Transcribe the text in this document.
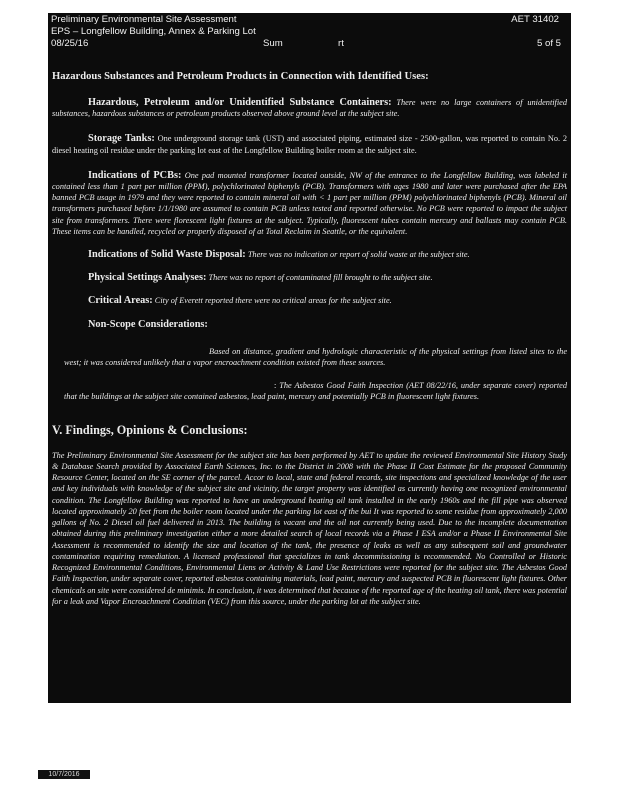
Preliminary Environmental Site Assessment	AET 31402
EPS – Longfellow Building, Annex & Parking Lot
08/25/16	Sum	rt	5 of 5

Hazardous Substances and Petroleum Products in Connection with Identified Uses:

Hazardous, Petroleum and/or Unidentified Substance Containers: There were no large containers of unidentified substances, hazardous substances or petroleum products observed above ground level at the subject site.

Storage Tanks: One underground storage tank (UST) and associated piping, estimated size - 2500-gallon, was reported to contain No. 2 diesel heating oil residue under the parking lot east of the Longfellow Building boiler room at the subject site.

Indications of PCBs: One pad mounted transformer located outside, NW of the entrance to the Longfellow Building, was labeled it contained less than 1 part per million (PPM), polychlorinated biphenyls (PCB). Transformers with ages 1980 and later were purchased after the EPA banned PCB usage in 1979 and they were reported to contain mineral oil with < 1 part per million (PPM) polychlorinated biphenyls (PCB). Mineral oil transformers purchased before 1/1/1980 are assumed to contain PCB unless tested and reported otherwise. No PCB were reported to impact the subject site from transformers. There were florescent light fixtures at the subject. Typically, fluorescent tubes contain mercury and ballasts may contain PCB. These items can be handled, recycled or properly disposed of at Total Reclaim in Seattle, or the equivalent.

Indications of Solid Waste Disposal: There was no indication or report of solid waste at the subject site.

Physical Settings Analyses: There was no report of contaminated fill brought to the subject site.

Critical Areas: City of Everett reported there were no critical areas for the subject site.

Non-Scope Considerations:

Based on distance, gradient and hydrologic characteristic of the physical settings from listed sites to the west; it was considered unlikely that a vapor encroachment condition existed from these sources.

: The Asbestos Good Faith Inspection (AET 08/22/16, under separate cover) reported that the buildings at the subject site contained asbestos, lead paint, mercury and potentially PCB in fluorescent light fixtures.

V. Findings, Opinions & Conclusions:

The Preliminary Environmental Site Assessment for the subject site has been performed by AET to update the reviewed Environmental Site History Study & Database Search provided by Associated Earth Sciences, Inc. to the District in 2008 with the Phase II Cost Estimate for the proposed Community Resource Center, located on the SE corner of the parcel. Accor to local, state and federal records, site inspections and specialized knowledge of the user and key individuals with knowledge of the subject site and vicinity, the target property was identified as currently having one recognized environmental condition. The Longfellow Building was reported to have an underground heating oil tank installed in the early 1960s and the fill pipe was observed located approximately 20 feet from the boiler room located under the parking lot east of the bui It was reported to some residue from approximately 2,000 gallons of No. 2 Diesel oil fuel delivered in 2013. The building is vacant and the oil not currently being used. Due to the incomplete documentation obtained during this preliminary investigation either a more detailed search of local records via a Phase I ESA and/or a Phase II Environmental Site Assessment is recommended to identify the size and location of the tank, the presence of leaks as well as any subsequent soil and groundwater contamination requiring remediation. A licensed professional that specializes in tank decommissioning is recommended. No Controlled or Historic Recognized Environmental Conditions, Environmental Liens or Activity & Land Use Restrictions were reported for the subject site. The Asbestos Good Faith Inspection, under separate cover, reported asbestos containing materials, lead paint, mercury and suspected PCB in fluorescent light fixtures. Other chemicals on site were considered de minimis. In conclusion, it was determined that because of the reported age of the heating oil tank, there was potential for a leak and Vapor Encroachment Condition (VEC) from this source, under the parking lot at the subject site.

10/7/2016
